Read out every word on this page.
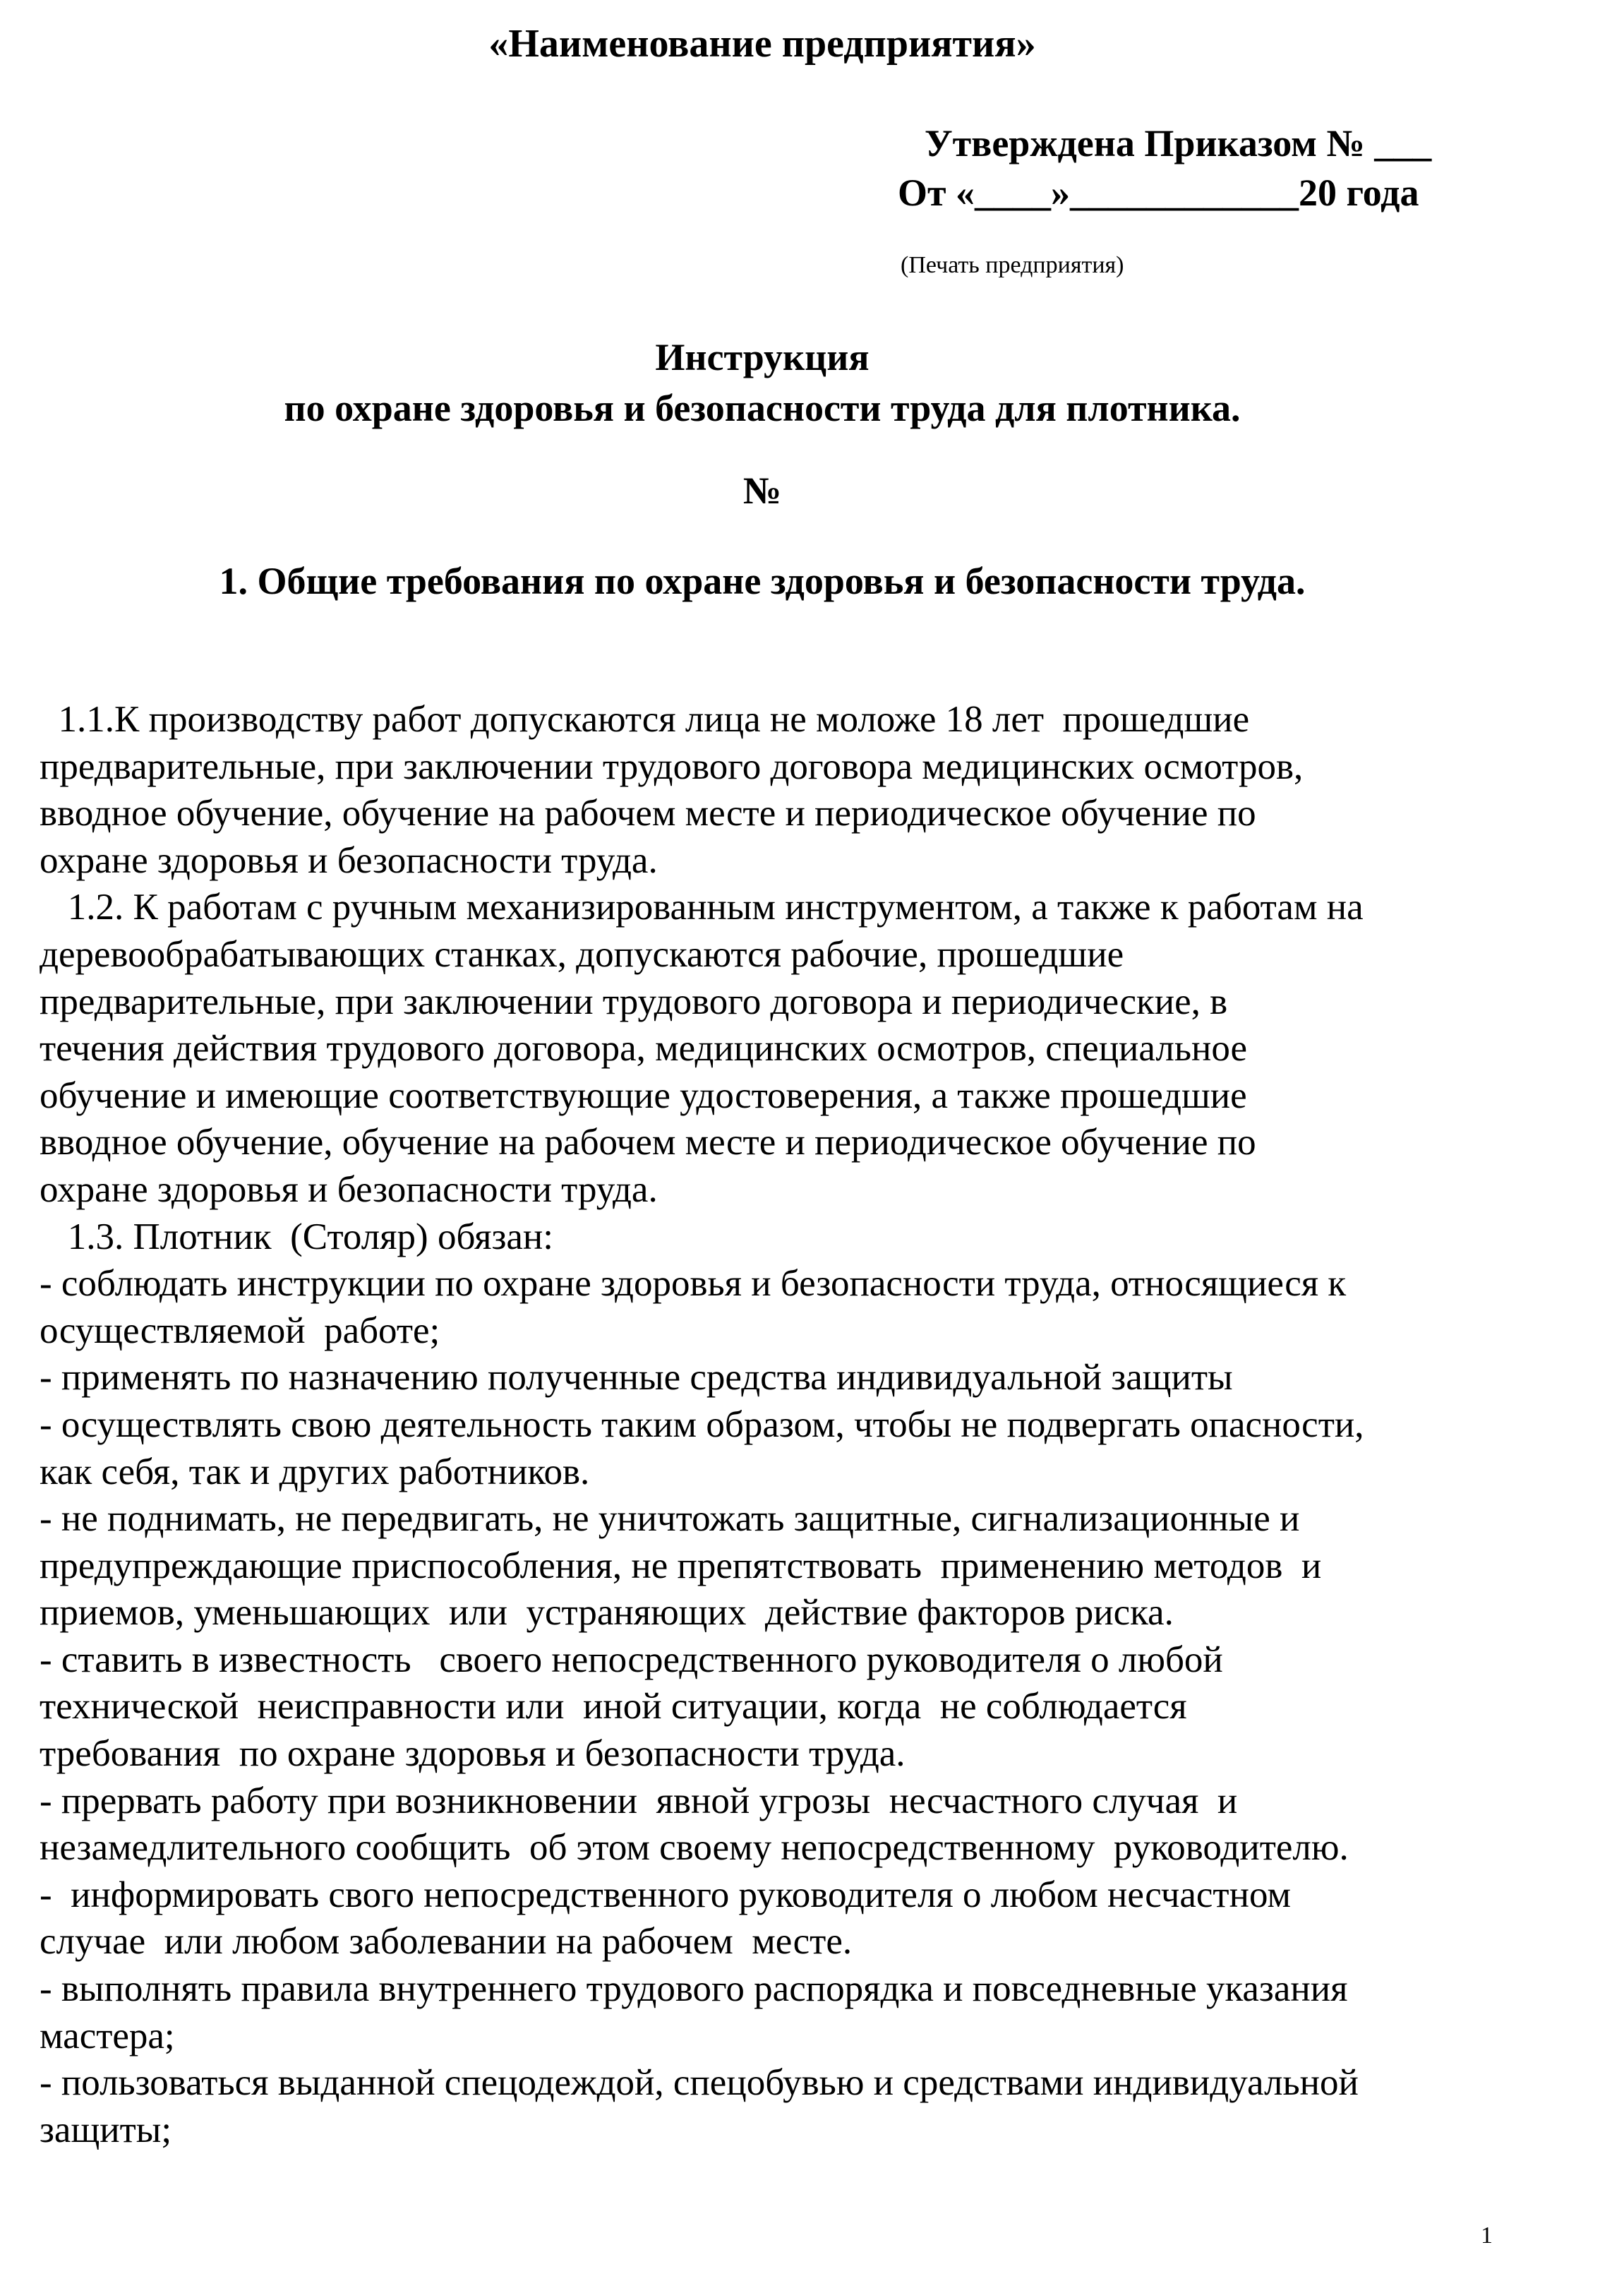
«Наименование предприятия»
Утверждена Приказом № ___
От «____»____________20 года
(Печать предприятия)
Инструкция
по охране здоровья и безопасности труда для плотника.
№
1. Общие требования по охране здоровья и безопасности труда.
1.1.К производству работ допускаются лица не моложе 18 лет  прошедшие
предварительные, при заключении трудового договора медицинских осмотров,
вводное обучение, обучение на рабочем месте и периодическое обучение по
охране здоровья и безопасности труда.
1.2. К работам с ручным механизированным инструментом, а также к работам на
деревообрабатывающих станках, допускаются рабочие, прошедшие
предварительные, при заключении трудового договора и периодические, в
течения действия трудового договора, медицинских осмотров, специальное
обучение и имеющие соответствующие удостоверения, а также прошедшие
вводное обучение, обучение на рабочем месте и периодическое обучение по
охране здоровья и безопасности труда.
1.3. Плотник  (Столяр) обязан:
- соблюдать инструкции по охране здоровья и безопасности труда, относящиеся к
осуществляемой  работе;
- применять по назначению полученные средства индивидуальной защиты
- осуществлять свою деятельность таким образом, чтобы не подвергать опасности,
как себя, так и других работников.
- не поднимать, не передвигать, не уничтожать защитные, сигнализационные и
предупреждающие приспособления, не препятствовать  применению методов  и
приемов, уменьшающих  или  устраняющих  действие факторов риска.
- ставить в известность   своего непосредственного руководителя о любой
технической  неисправности или  иной ситуации, когда  не соблюдается
требования  по охране здоровья и безопасности труда.
- прервать работу при возникновении  явной угрозы  несчастного случая  и
незамедлительного сообщить  об этом своему непосредственному  руководителю.
-  информировать свого непосредственного руководителя о любом несчастном
случае  или любом заболевании на рабочем  месте.
- выполнять правила внутреннего трудового распорядка и повседневные указания
мастера;
- пользоваться выданной спецодеждой, спецобувью и средствами индивидуальной
защиты;
1
